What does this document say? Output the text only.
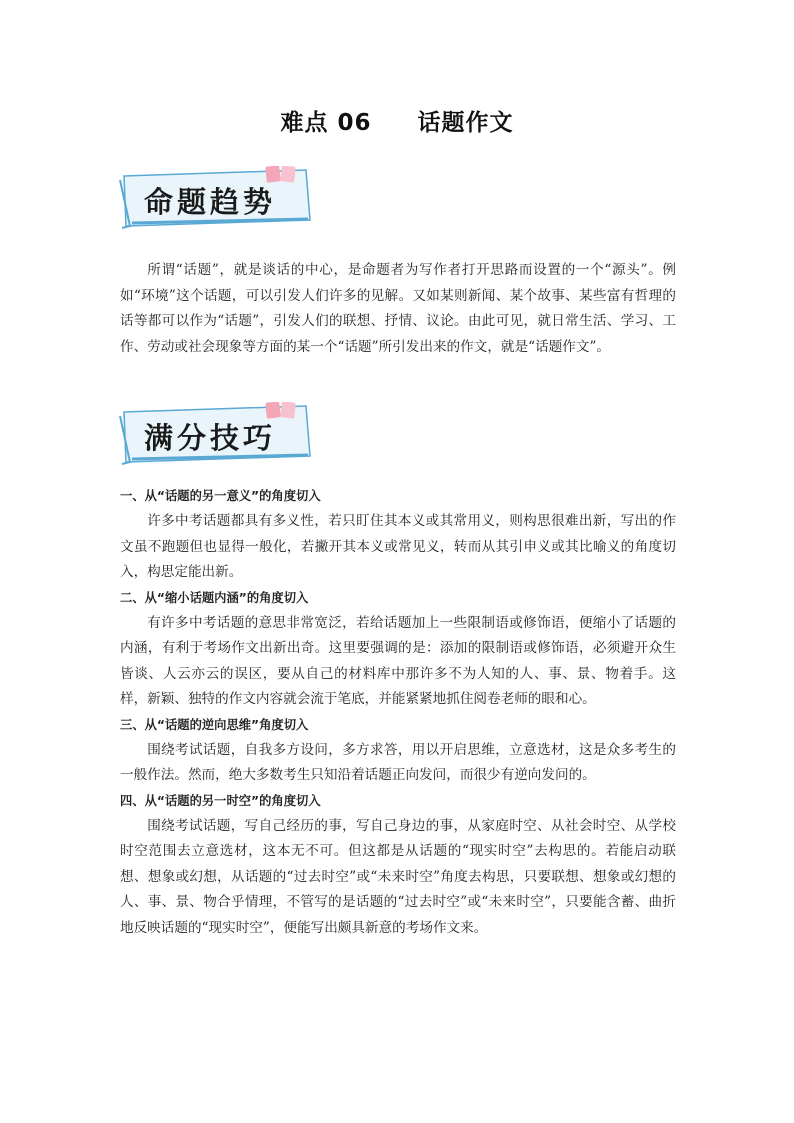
难点 06 话题作文
命题趋势

所谓“话题”，就是谈话的中心，是命题者为写作者打开思路而设置的一个“源头”。例如“环境”这个话题，可以引发人们许多的见解。又如某则新闻、某个故事、某些富有哲理的话等都可以作为“话题”，引发人们的联想、抒情、议论。由此可见，就日常生活、学习、工作、劳动或社会现象等方面的某一个“话题”所引发出来的作文，就是“话题作文”。

满分技巧
一、从“话题的另一意义”的角度切入

许多中考话题都具有多义性，若只盯住其本义或其常用义，则构思很难出新，写出的作文虽不跑题但也显得一般化，若撇开其本义或常见义，转而从其引申义或其比喻义的角度切入，构思定能出新。

二、从“缩小话题内涵”的角度切入

有许多中考话题的意思非常宽泛，若给话题加上一些限制语或修饰语，便缩小了话题的内涵，有利于考场作文出新出奇。这里要强调的是：添加的限制语或修饰语，必须避开众生皆谈、人云亦云的误区，要从自己的材料库中那许多不为人知的人、事、景、物着手。这样，新颖、独特的作文内容就会流于笔底，并能紧紧地抓住阅卷老师的眼和心。

三、从“话题的逆向思维”角度切入

围绕考试话题，自我多方设问，多方求答，用以开启思维，立意选材，这是众多考生的一般作法。然而，绝大多数考生只知沿着话题正向发问，而很少有逆向发问的。

四、从“话题的另一时空”的角度切入

围绕考试话题，写自己经历的事，写自己身边的事，从家庭时空、从社会时空、从学校时空范围去立意选材，这本无不可。但这都是从话题的“现实时空”去构思的。若能启动联想、想象或幻想，从话题的“过去时空”或“未来时空”角度去构思，只要联想、想象或幻想的人、事、景、物合乎情理，不管写的是话题的“过去时空”或“未来时空”，只要能含蓄、曲折地反映话题的“现实时空”，便能写出颇具新意的考场作文来。
